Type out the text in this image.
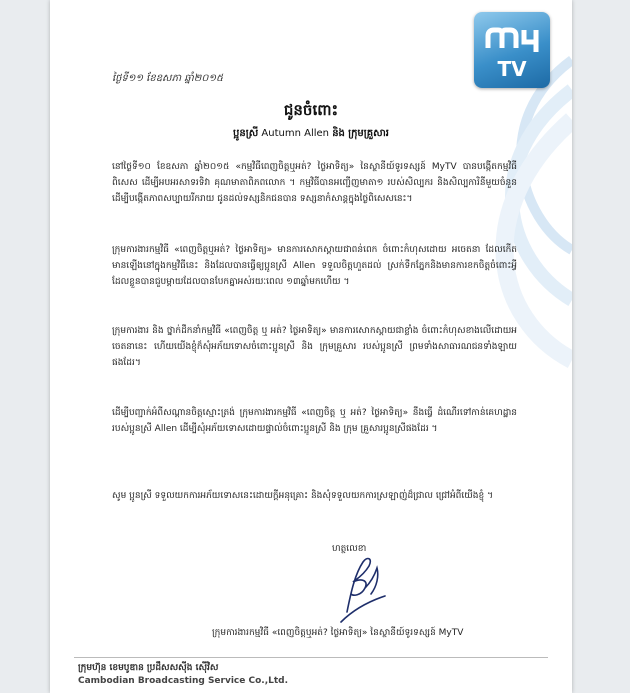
TV
ថ្ងៃទី១១ ខែឧសភា ឆ្នាំ២០១៥
ជូនចំពោះ
ប្អូនស្រី Autumn Allen និង ក្រុមគ្រួសារ
នៅថ្ងៃទី១០ ខែឧសភា ឆ្នាំ២០១៥ «កម្មវិធីពេញចិត្តឬអត់? ថ្ងៃអាទិត្យ» នៃស្ថានីយ៍ទូរទស្សន៍ MyTV បានបង្កើតកម្មវិធីពិសេស ដើម្បីអបអរសាទរទិវា គុណមាតាពិភពលោក ។ កម្មវិធីបានអញ្ជើញមាតា១ របស់សិល្បករ និងសិល្បការិនីមួយចំនួន ដើម្បីបង្កើតភាពសប្បាយរីករាយ ជូនដល់ទស្សនិកជនបាន ទស្សនាកំសាន្តក្នុងថ្ងៃពិសេសនេះ។
ក្រុមការងារកម្មវិធី «ពេញចិត្តឬអត់? ថ្ងៃអាទិត្យ» មានការសោកស្តាយជាពន់ពេក ចំពោះកំហុសដោយ អចេតនា ដែលកើតមានឡើងនៅក្នុងកម្មវិធីនេះ និងដែលបានធ្វើឲ្យប្អូនស្រី Allen ទទួលចិត្តហួតដល់ ស្រក់ទឹកភ្នែកនិងមានការខកចិត្តចំពោះអ្វីដែលខ្លួនបានជួបម្ដាយដែលបានបែកគ្នាអស់រយៈពេល ១៣ឆ្នាំមកហើយ ។
ក្រុមការងារ និង ថ្នាក់ដឹកនាំកម្មវិធី «ពេញចិត្ត ឬ អត់? ថ្ងៃអាទិត្យ» មានការសោកស្តាយជាខ្លាំង ចំពោះកំហុសខាងលើដោយអចេតនានេះ ហើយយើងខ្ញុំក៏សុំអភ័យទោសចំពោះប្អូនស្រី និង ក្រុមគ្រួសារ របស់ប្អូនស្រី ព្រមទាំងសាធារណជនទាំងឡាយផងដែរ។
ដើម្បីបញ្ជាក់អំពីសណ្ដានចិត្តស្មោះត្រង់ ក្រុមការងារកម្មវិធី «ពេញចិត្ត ឬ អត់? ថ្ងៃអាទិត្យ» នឹងធ្វើ ដំណើរទៅកាន់គេហដ្ឋានរបស់ប្អូនស្រី Allen ដើម្បីសុំអភ័យទោសដោយផ្ទាល់ចំពោះប្អូនស្រី និង ក្រុម គ្រួសារប្អូនស្រីផងដែរ ។
សូម ប្អូនស្រី ទទួលយកការអភ័យទោសនេះដោយក្ដីអនុគ្រោះ និងសុំទទួលយកការស្រឡាញ់ដ៏ជ្រាល ជ្រៅអំពីយើងខ្ញុំ ។
ហត្ថលេខា
ក្រុមការងារកម្មវិធី «ពេញចិត្តឬអត់? ថ្ងៃអាទិត្យ» នៃស្ថានីយ៍ទូរទស្សន៍ MyTV
ក្រុមហ៊ុន ខេមបូឌាន ប្រដឹសសស៊ីង ស៊ើវិស
Cambodian Broadcasting Service Co.,Ltd.
